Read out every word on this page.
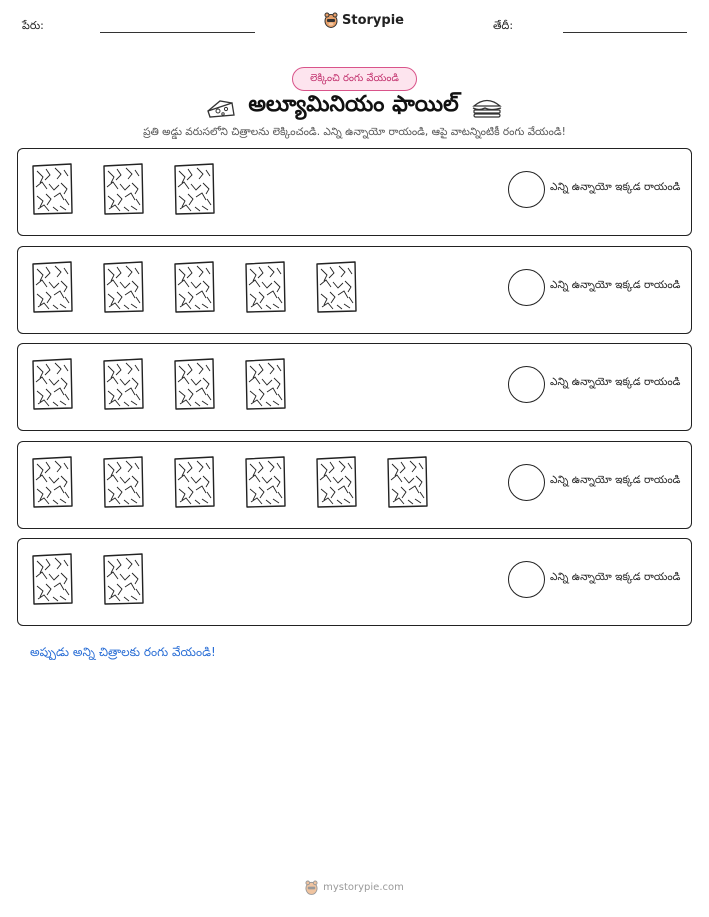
పేరు:	Storypie	తేదీ:
లెక్కించి రంగు వేయండి
అల్యూమినియం ఫాయిల్
ప్రతి అడ్డు వరుసలోని చిత్రాలను లెక్కించండి. ఎన్ని ఉన్నాయో రాయండి, ఆపై వాటన్నింటికీ రంగు వేయండి!
ఎన్ని ఉన్నాయో ఇక్కడ రాయండి
ఎన్ని ఉన్నాయో ఇక్కడ రాయండి
ఎన్ని ఉన్నాయో ఇక్కడ రాయండి
ఎన్ని ఉన్నాయో ఇక్కడ రాయండి
ఎన్ని ఉన్నాయో ఇక్కడ రాయండి
అప్పుడు అన్ని చిత్రాలకు రంగు వేయండి!
mystorypie.com
